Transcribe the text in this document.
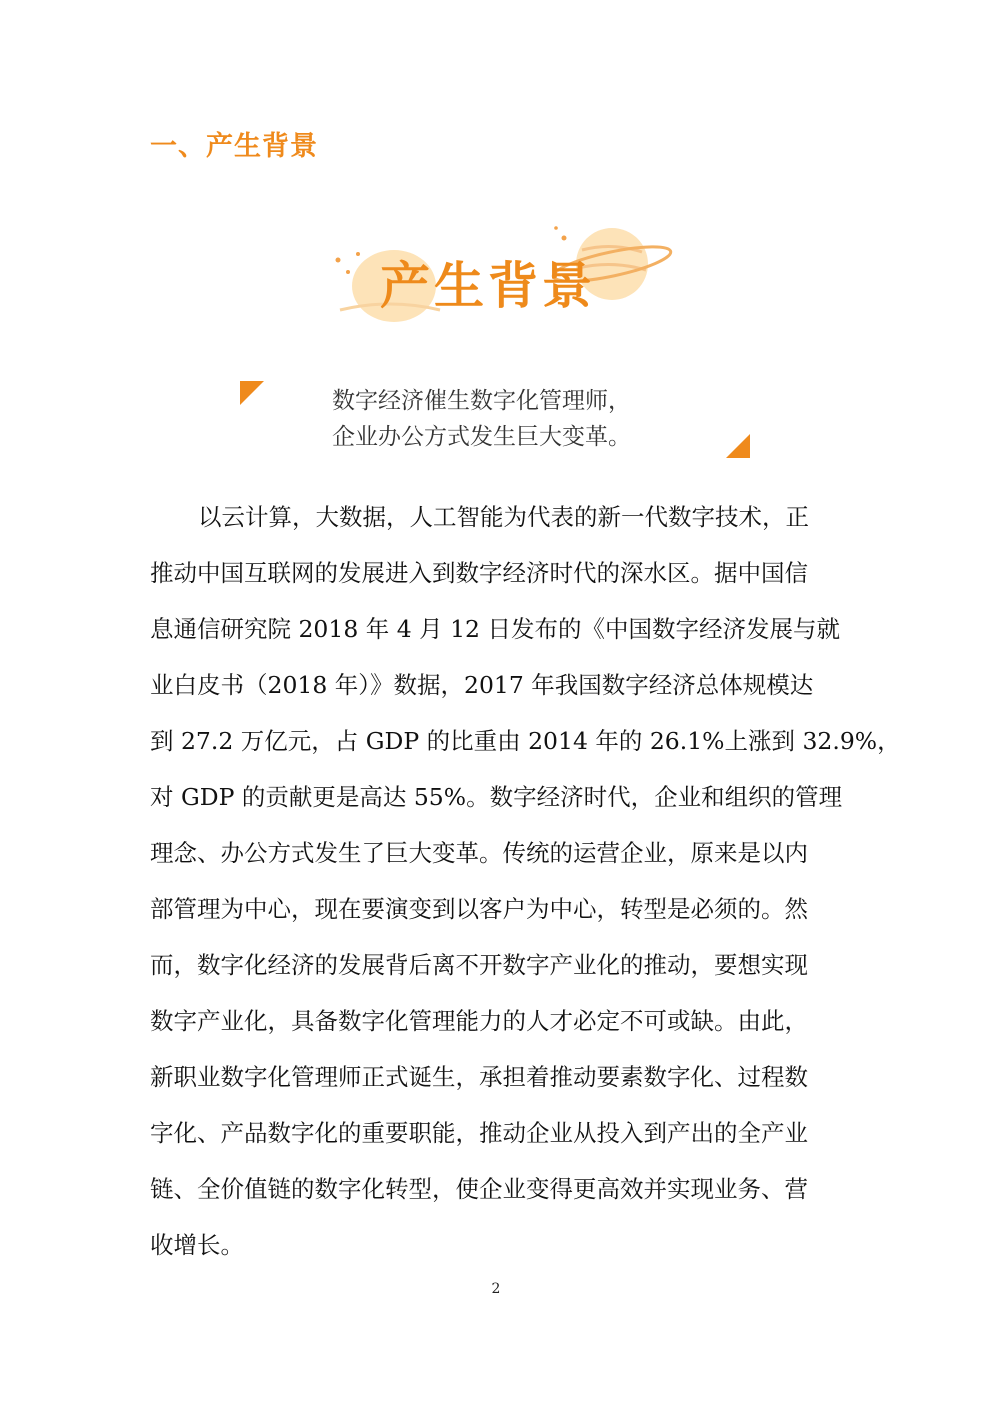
一、产生背景
产生背景
数字经济催生数字化管理师，
企业办公方式发生巨大变革。
以云计算，大数据，人工智能为代表的新一代数字技术，正
推动中国互联网的发展进入到数字经济时代的深水区。据中国信
息通信研究院 2018 年 4 月 12 日发布的《中国数字经济发展与就
业白皮书（2018 年）》数据，2017 年我国数字经济总体规模达
到 27.2 万亿元，占 GDP 的比重由 2014 年的 26.1%上涨到 32.9%，
对 GDP 的贡献更是高达 55%。数字经济时代，企业和组织的管理
理念、办公方式发生了巨大变革。传统的运营企业，原来是以内
部管理为中心，现在要演变到以客户为中心，转型是必须的。然
而，数字化经济的发展背后离不开数字产业化的推动，要想实现
数字产业化，具备数字化管理能力的人才必定不可或缺。由此，
新职业数字化管理师正式诞生，承担着推动要素数字化、过程数
字化、产品数字化的重要职能，推动企业从投入到产出的全产业
链、全价值链的数字化转型，使企业变得更高效并实现业务、营
收增长。
2
